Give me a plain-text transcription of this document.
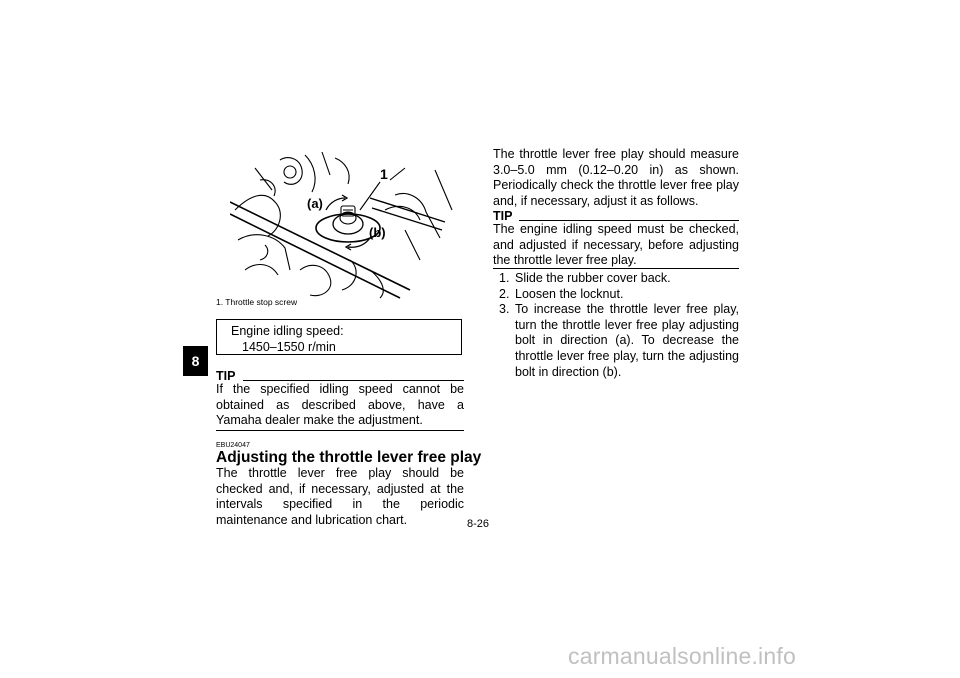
8
1
(a)
(b)
1. Throttle stop screw
Engine idling speed:
1450–1550 r/min
TIP
If the specified idling speed cannot be obtained as described above, have a Yamaha dealer make the adjustment.
EBU24047
Adjusting the throttle lever free play
The throttle lever free play should be checked and, if necessary, adjusted at the intervals specified in the periodic maintenance and lubrication chart.
The throttle lever free play should measure 3.0–5.0 mm (0.12–0.20 in) as shown. Periodically check the throttle lever free play and, if necessary, adjust it as follows.
TIP
The engine idling speed must be checked, and adjusted if necessary, before adjusting the throttle lever free play.
1. Slide the rubber cover back.
2. Loosen the locknut.
3. To increase the throttle lever free play, turn the throttle lever free play adjusting bolt in direction (a). To decrease the throttle lever free play, turn the adjusting bolt in direction (b).
8-26
carmanualsonline.info
